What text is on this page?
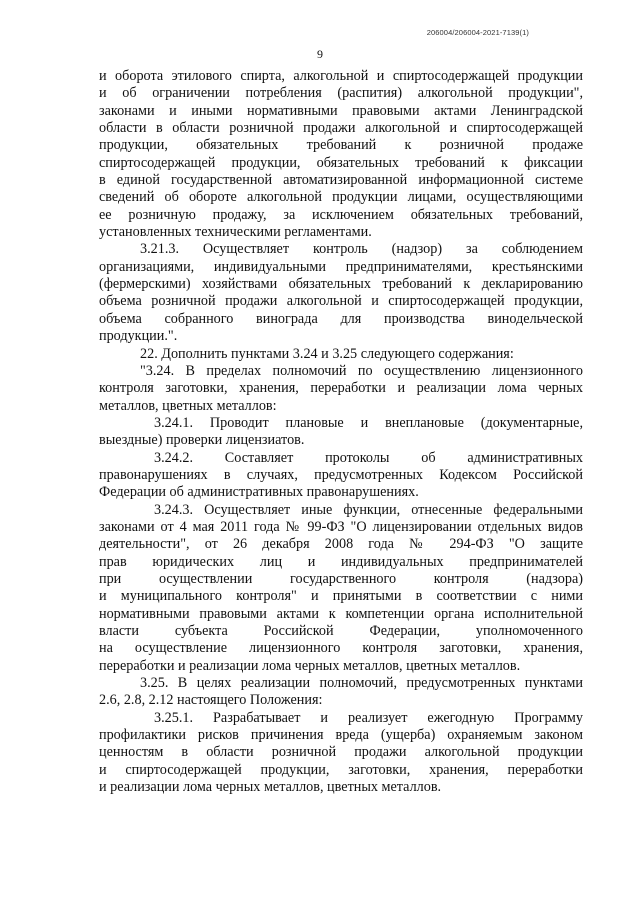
206004/206004-2021-7139(1)
9
и оборота этилового спирта, алкогольной и спиртосодержащей продукции
и об ограничении потребления (распития) алкогольной продукции",
законами и иными нормативными правовыми актами Ленинградской
области в области розничной продажи алкогольной и спиртосодержащей
продукции, обязательных требований к розничной продаже
спиртосодержащей продукции, обязательных требований к фиксации
в единой государственной автоматизированной информационной системе
сведений об обороте алкогольной продукции лицами, осуществляющими
ее розничную продажу, за исключением обязательных требований,
установленных техническими регламентами.
3.21.3. Осуществляет контроль (надзор) за соблюдением
организациями, индивидуальными предпринимателями, крестьянскими
(фермерскими) хозяйствами обязательных требований к декларированию
объема розничной продажи алкогольной и спиртосодержащей продукции,
объема собранного винограда для производства винодельческой
продукции.".
22. Дополнить пунктами 3.24 и 3.25 следующего содержания:
"3.24. В пределах полномочий по осуществлению лицензионного
контроля заготовки, хранения, переработки и реализации лома черных
металлов, цветных металлов:
3.24.1. Проводит плановые и внеплановые (документарные,
выездные) проверки лицензиатов.
3.24.2. Составляет протоколы об административных
правонарушениях в случаях, предусмотренных Кодексом Российской
Федерации об административных правонарушениях.
3.24.3. Осуществляет иные функции, отнесенные федеральными
законами от 4 мая 2011 года № 99-ФЗ "О лицензировании отдельных видов
деятельности", от 26 декабря 2008 года № 294-ФЗ "О защите
прав юридических лиц и индивидуальных предпринимателей
при осуществлении государственного контроля (надзора)
и муниципального контроля" и принятыми в соответствии с ними
нормативными правовыми актами к компетенции органа исполнительной
власти субъекта Российской Федерации, уполномоченного
на осуществление лицензионного контроля заготовки, хранения,
переработки и реализации лома черных металлов, цветных металлов.
3.25. В целях реализации полномочий, предусмотренных пунктами
2.6, 2.8, 2.12 настоящего Положения:
3.25.1. Разрабатывает и реализует ежегодную Программу
профилактики рисков причинения вреда (ущерба) охраняемым законом
ценностям в области розничной продажи алкогольной продукции
и спиртосодержащей продукции, заготовки, хранения, переработки
и реализации лома черных металлов, цветных металлов.
